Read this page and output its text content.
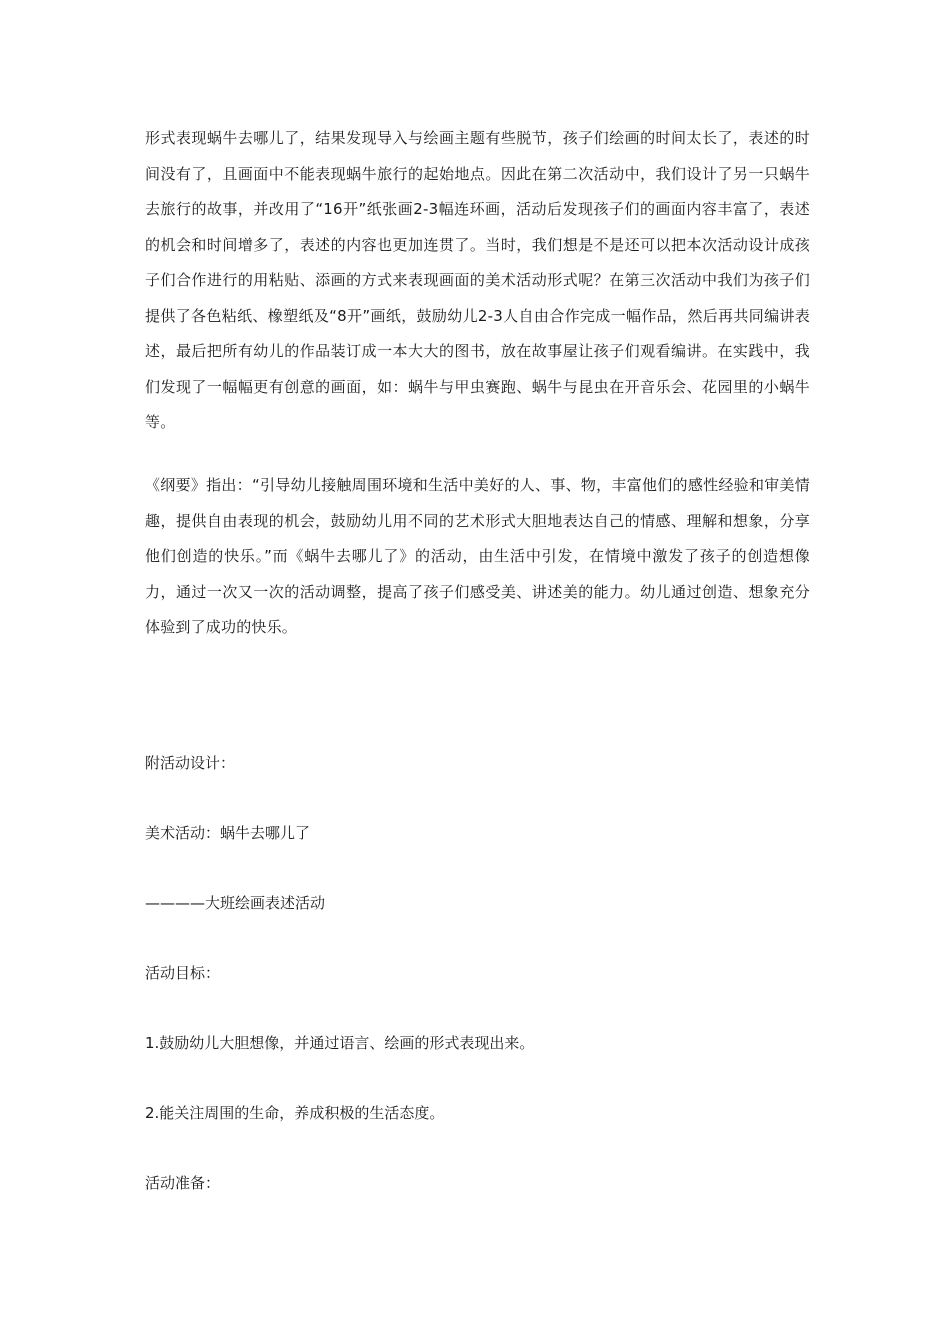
形式表现蜗牛去哪儿了，结果发现导入与绘画主题有些脱节，孩子们绘画的时间太长了，表述的时间没有了，且画面中不能表现蜗牛旅行的起始地点。因此在第二次活动中，我们设计了另一只蜗牛去旅行的故事，并改用了“16开”纸张画2-3幅连环画，活动后发现孩子们的画面内容丰富了，表述的机会和时间增多了，表述的内容也更加连贯了。当时，我们想是不是还可以把本次活动设计成孩子们合作进行的用粘贴、添画的方式来表现画面的美术活动形式呢？在第三次活动中我们为孩子们提供了各色粘纸、橡塑纸及“8开”画纸，鼓励幼儿2-3人自由合作完成一幅作品，然后再共同编讲表述，最后把所有幼儿的作品装订成一本大大的图书，放在故事屋让孩子们观看编讲。在实践中，我们发现了一幅幅更有创意的画面，如：蜗牛与甲虫赛跑、蜗牛与昆虫在开音乐会、花园里的小蜗牛等。

《纲要》指出：“引导幼儿接触周围环境和生活中美好的人、事、物，丰富他们的感性经验和审美情趣，提供自由表现的机会，鼓励幼儿用不同的艺术形式大胆地表达自己的情感、理解和想象，分享他们创造的快乐。”而《蜗牛去哪儿了》的活动，由生活中引发，在情境中激发了孩子的创造想像力，通过一次又一次的活动调整，提高了孩子们感受美、讲述美的能力。幼儿通过创造、想象充分体验到了成功的快乐。

附活动设计：

美术活动：蜗牛去哪儿了

————大班绘画表述活动

活动目标：

1.鼓励幼儿大胆想像，并通过语言、绘画的形式表现出来。

2.能关注周围的生命，养成积极的生活态度。

活动准备：
